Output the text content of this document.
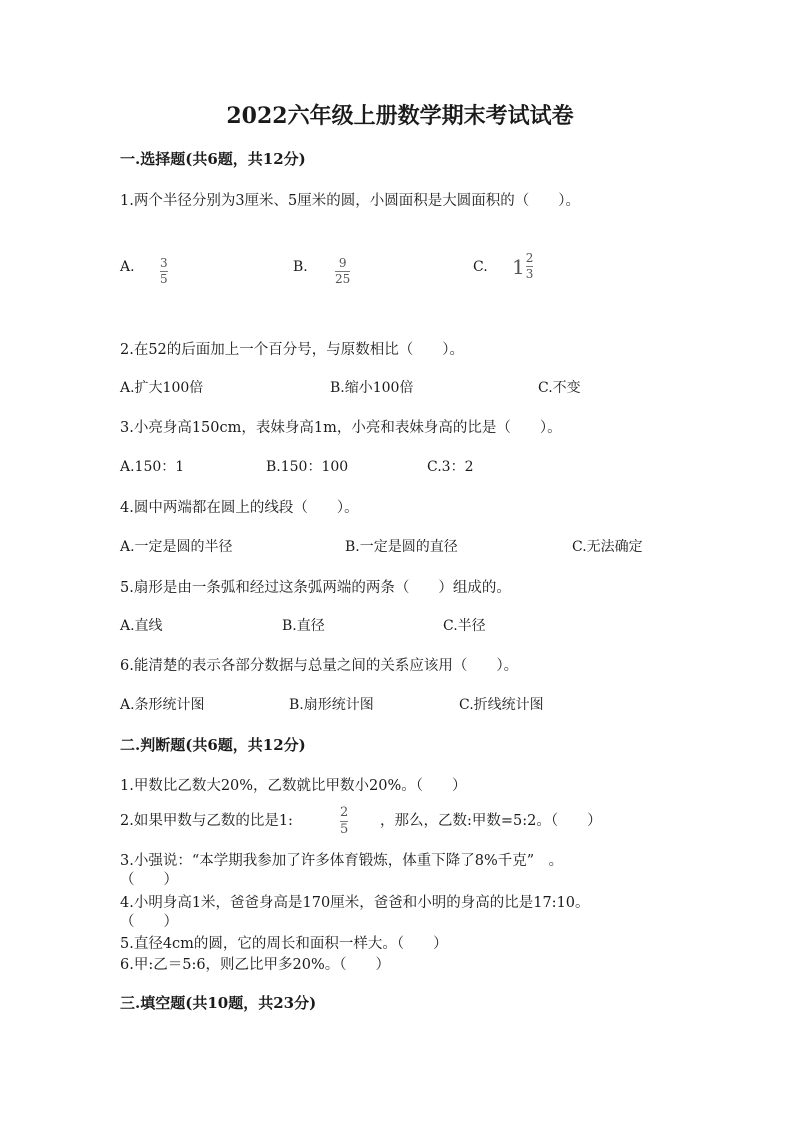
2022六年级上册数学期末考试试卷
一.选择题(共6题，共12分)
1.两个半径分别为3厘米、5厘米的圆，小圆面积是大圆面积的（　　）。
A. $\frac{3}{5}$	B. $\frac{9}{25}$	C. $1 \frac{2}{3}$
2.在52的后面加上一个百分号，与原数相比（　　）。
A.扩大100倍	B.缩小100倍	C.不变
3.小亮身高150cm，表妹身高1m，小亮和表妹身高的比是（　　）。
A.150：1	B.150：100	C.3：2
4.圆中两端都在圆上的线段（　　）。
A.一定是圆的半径	B.一定是圆的直径	C.无法确定
5.扇形是由一条弧和经过这条弧两端的两条（　　）组成的。
A.直线	B.直径	C.半径
6.能清楚的表示各部分数据与总量之间的关系应该用（　　）。
A.条形统计图	B.扇形统计图	C.折线统计图
二.判断题(共6题，共12分)
1.甲数比乙数大20%，乙数就比甲数小20%。（　　）
2.如果甲数与乙数的比是1:	$\frac{2}{5}$ ，那么，乙数:甲数=5:2。（　　）
3.小强说：“本学期我参加了许多体育锻炼，体重下降了8%千克”　。
（　　）
4.小明身高1米，爸爸身高是170厘米，爸爸和小明的身高的比是17:10。
（　　）
5.直径4cm的圆，它的周长和面积一样大。（　　）
6.甲:乙＝5:6，则乙比甲多20%。（　　）
三.填空题(共10题，共23分)
